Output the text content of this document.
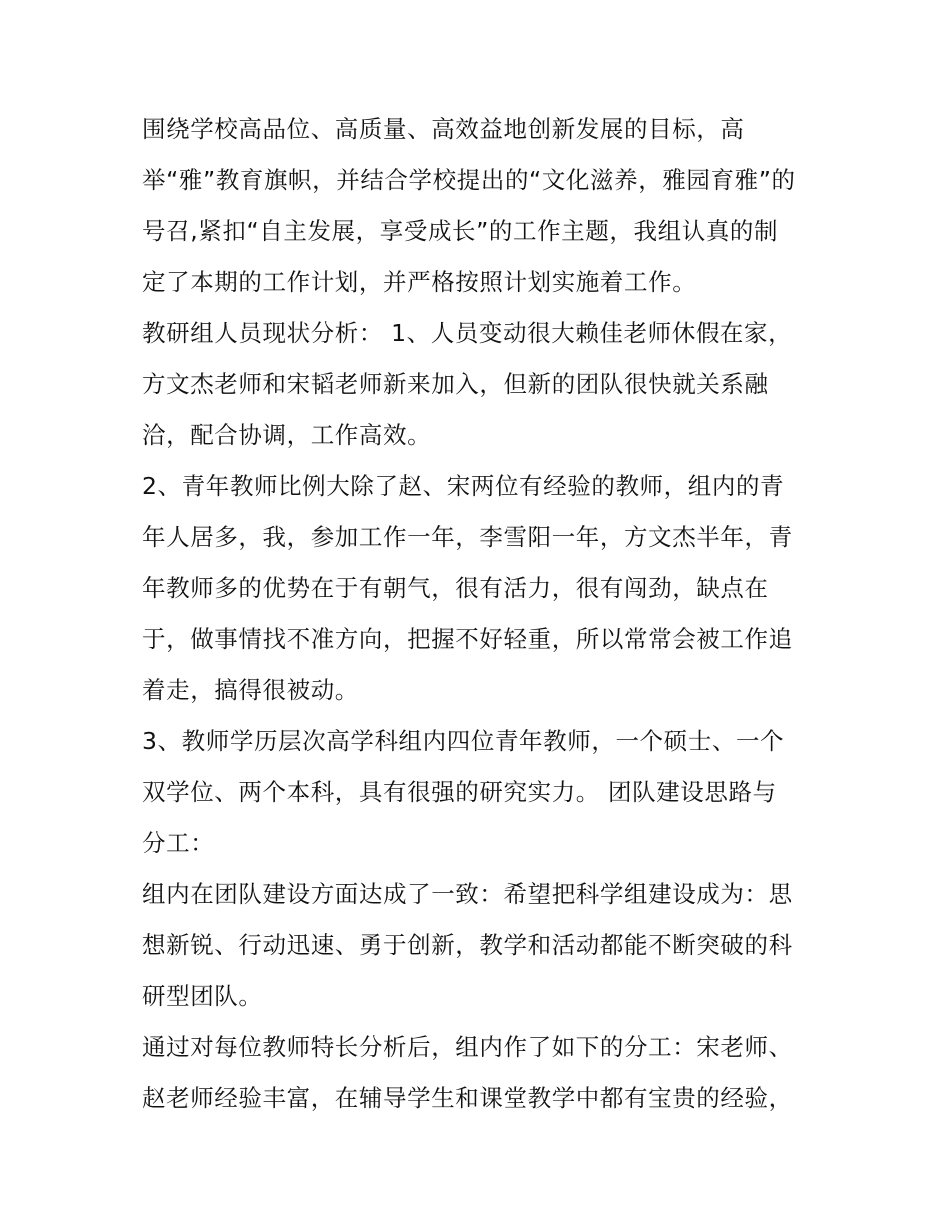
围绕学校高品位、高质量、高效益地创新发展的目标，高
举“雅”教育旗帜，并结合学校提出的“文化滋养，雅园育雅”的
号召,紧扣“自主发展，享受成长”的工作主题，我组认真的制
定了本期的工作计划，并严格按照计划实施着工作。
教研组人员现状分析： 1、人员变动很大赖佳老师休假在家，
方文杰老师和宋韬老师新来加入，但新的团队很快就关系融
洽，配合协调，工作高效。
2、青年教师比例大除了赵、宋两位有经验的教师，组内的青
年人居多，我，参加工作一年，李雪阳一年，方文杰半年，青
年教师多的优势在于有朝气，很有活力，很有闯劲，缺点在
于，做事情找不准方向，把握不好轻重，所以常常会被工作追
着走，搞得很被动。
3、教师学历层次高学科组内四位青年教师，一个硕士、一个
双学位、两个本科，具有很强的研究实力。 团队建设思路与
分工：
组内在团队建设方面达成了一致：希望把科学组建设成为：思
想新锐、行动迅速、勇于创新，教学和活动都能不断突破的科
研型团队。
通过对每位教师特长分析后，组内作了如下的分工：宋老师、
赵老师经验丰富，在辅导学生和课堂教学中都有宝贵的经验，
